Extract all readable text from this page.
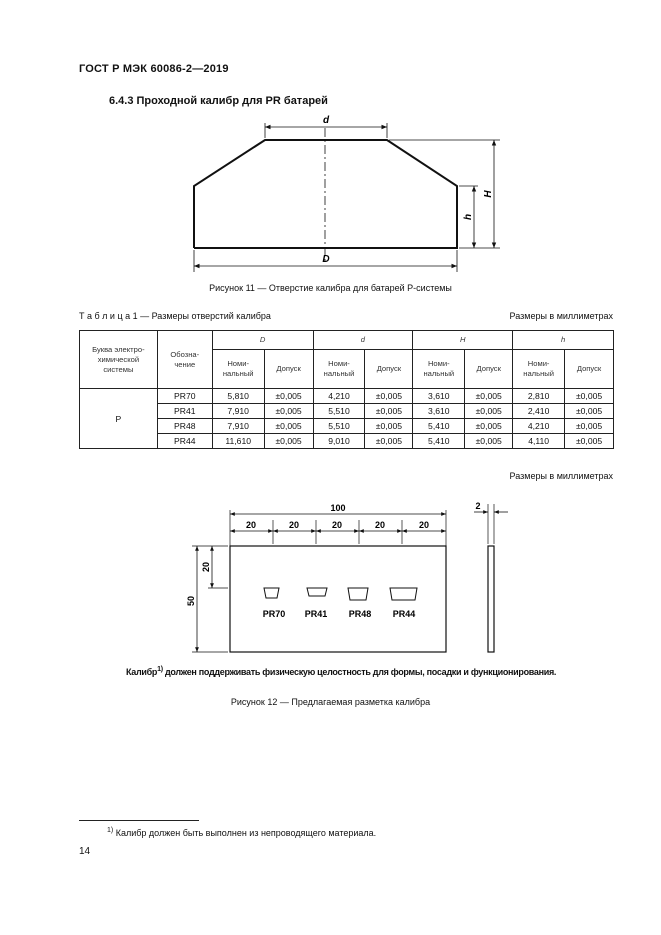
ГОСТ Р МЭК 60086-2—2019
6.4.3 Проходной калибр для PR батарей
d
D
H
h
Рисунок 11 — Отверстие калибра для батарей Р-системы
Т а б л и ц а 1 — Размеры отверстий калибра	Размеры в миллиметрах
Буква электро-химической системы	Обозна-чение	D		d		H		h	
		Номи-нальный	Допуск	Номи-нальный	Допуск	Номи-нальный	Допуск	Номи-нальный	Допуск
P	PR70	5,810	±0,005	4,210	±0,005	3,610	±0,005	2,810	±0,005
	PR41	7,910	±0,005	5,510	±0,005	3,610	±0,005	2,410	±0,005
	PR48	7,910	±0,005	5,510	±0,005	5,410	±0,005	4,210	±0,005
	PR44	11,610	±0,005	9,010	±0,005	5,410	±0,005	4,110	±0,005
Размеры в миллиметрах
100
20	20	20	20	20
2
50
20
PR70 PR41 PR48 PR44
Калибр$^{1)}$ должен поддерживать физическую целостность для формы, посадки и функционирования.
Рисунок 12 — Предлагаемая разметка калибра
$^{1)}$ Калибр должен быть выполнен из непроводящего материала.
14
